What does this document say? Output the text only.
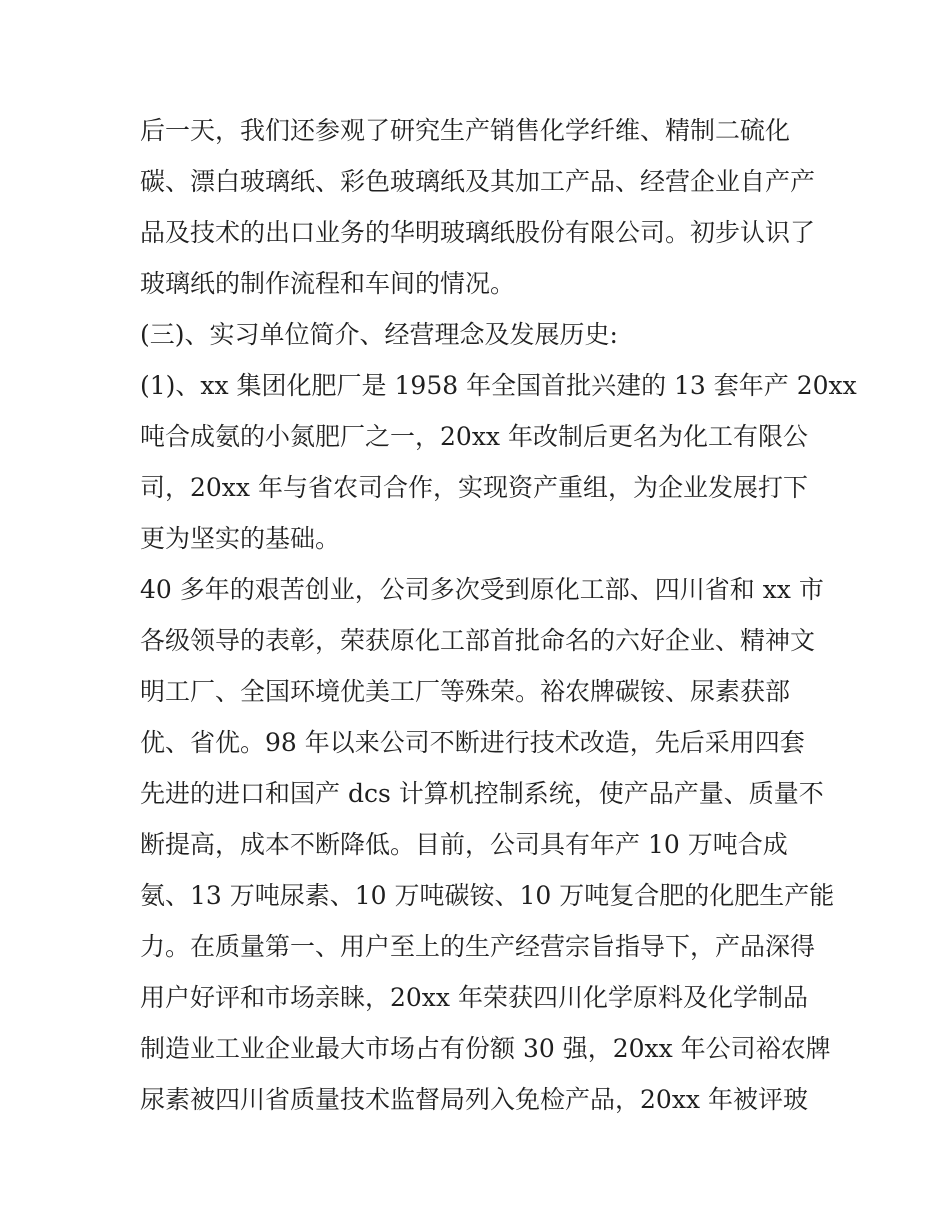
后一天，我们还参观了研究生产销售化学纤维、精制二硫化
碳、漂白玻璃纸、彩色玻璃纸及其加工产品、经营企业自产产
品及技术的出口业务的华明玻璃纸股份有限公司。初步认识了
玻璃纸的制作流程和车间的情况。
(三)、实习单位简介、经营理念及发展历史:
(1)、xx 集团化肥厂是 1958 年全国首批兴建的 13 套年产 20xx
吨合成氨的小氮肥厂之一，20xx 年改制后更名为化工有限公
司，20xx 年与省农司合作，实现资产重组，为企业发展打下
更为坚实的基础。
40 多年的艰苦创业，公司多次受到原化工部、四川省和 xx 市
各级领导的表彰，荣获原化工部首批命名的六好企业、精神文
明工厂、全国环境优美工厂等殊荣。裕农牌碳铵、尿素获部
优、省优。98 年以来公司不断进行技术改造，先后采用四套
先进的进口和国产 dcs 计算机控制系统，使产品产量、质量不
断提高，成本不断降低。目前，公司具有年产 10 万吨合成
氨、13 万吨尿素、10 万吨碳铵、10 万吨复合肥的化肥生产能
力。在质量第一、用户至上的生产经营宗旨指导下，产品深得
用户好评和市场亲睐，20xx 年荣获四川化学原料及化学制品
制造业工业企业最大市场占有份额 30 强，20xx 年公司裕农牌
尿素被四川省质量技术监督局列入免检产品，20xx 年被评玻
